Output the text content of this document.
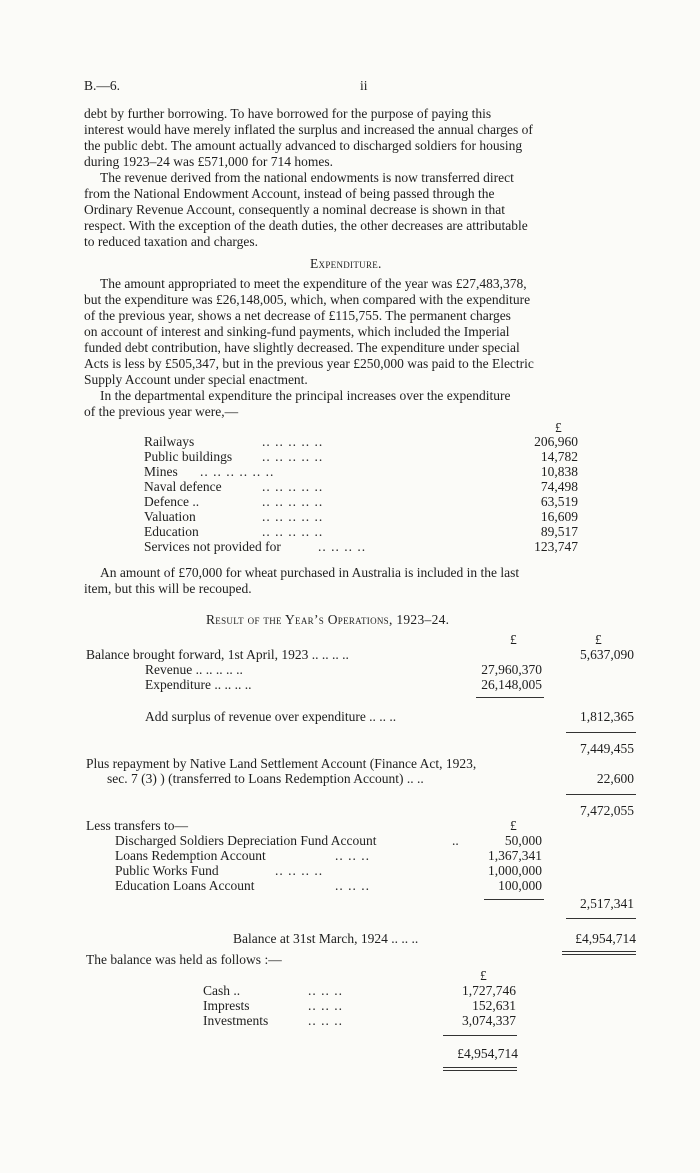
B.—6.	ii
debt by further borrowing. To have borrowed for the purpose of paying this
interest would have merely inflated the surplus and increased the annual charges of
the public debt. The amount actually advanced to discharged soldiers for housing
during 1923–24 was £571,000 for 714 homes.
The revenue derived from the national endowments is now transferred direct
from the National Endowment Account, instead of being passed through the
Ordinary Revenue Account, consequently a nominal decrease is shown in that
respect. With the exception of the death duties, the other decreases are attributable
to reduced taxation and charges.
Expenditure.
The amount appropriated to meet the expenditure of the year was £27,483,378,
but the expenditure was £26,148,005, which, when compared with the expenditure
of the previous year, shows a net decrease of £115,755. The permanent charges
on account of interest and sinking-fund payments, which included the Imperial
funded debt contribution, have slightly decreased. The expenditure under special
Acts is less by £505,347, but in the previous year £250,000 was paid to the Electric
Supply Account under special enactment.
In the departmental expenditure the principal increases over the expenditure
of the previous year were,—
£
Railways	.. .. .. .. ..	206,960
Public buildings .. .. .. .. ..	14,782
Mines .. .. .. .. .. ..	10,838
Naval defence	.. .. .. .. ..	74,498
Defence ..	.. .. .. .. ..	63,519
Valuation	.. .. .. .. ..	16,609
Education	.. .. .. .. ..	89,517
Services not provided for	.. .. .. ..	123,747
An amount of £70,000 for wheat purchased in Australia is included in the last
item, but this will be recouped.
Result of the Year’s Operations, 1923–24.
£	£
Balance brought forward, 1st April, 1923 .. .. .. ..	5,637,090
Revenue .. .. .. .. ..	27,960,370
Expenditure .. .. .. ..	26,148,005
Add surplus of revenue over expenditure .. .. ..	1,812,365
7,449,455
Plus repayment by Native Land Settlement Account (Finance Act, 1923,
sec. 7 (3) ) (transferred to Loans Redemption Account) .. ..	22,600
7,472,055
Less transfers to—	£
Discharged Soldiers Depreciation Fund Account	..	50,000
Loans Redemption Account	.. .. ..	1,367,341
Public Works Fund	.. .. .. ..	1,000,000
Education Loans Account	.. .. ..	100,000
2,517,341
Balance at 31st March, 1924 .. .. ..	£4,954,714
The balance was held as follows :—
£
Cash ..	.. .. ..	1,727,746
Imprests	.. .. ..	152,631
Investments	.. .. ..	3,074,337
£4,954,714
